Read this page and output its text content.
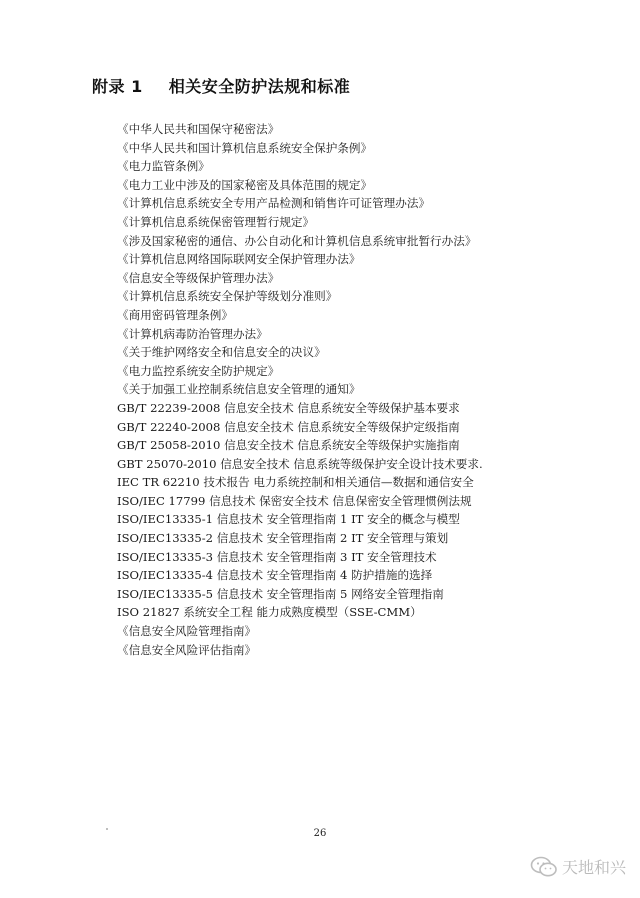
附录 1 相关安全防护法规和标准
《中华人民共和国保守秘密法》
《中华人民共和国计算机信息系统安全保护条例》
《电力监管条例》
《电力工业中涉及的国家秘密及具体范围的规定》
《计算机信息系统安全专用产品检测和销售许可证管理办法》
《计算机信息系统保密管理暂行规定》
《涉及国家秘密的通信、办公自动化和计算机信息系统审批暂行办法》
《计算机信息网络国际联网安全保护管理办法》
《信息安全等级保护管理办法》
《计算机信息系统安全保护等级划分准则》
《商用密码管理条例》
《计算机病毒防治管理办法》
《关于维护网络安全和信息安全的决议》
《电力监控系统安全防护规定》
《关于加强工业控制系统信息安全管理的通知》
GB/T 22239-2008 信息安全技术 信息系统安全等级保护基本要求
GB/T 22240-2008 信息安全技术 信息系统安全等级保护定级指南
GB/T 25058-2010 信息安全技术 信息系统安全等级保护实施指南
GBT 25070-2010 信息安全技术 信息系统等级保护安全设计技术要求.
IEC TR 62210 技术报告 电力系统控制和相关通信—数据和通信安全
ISO/IEC 17799 信息技术 保密安全技术 信息保密安全管理惯例法规
ISO/IEC13335-1 信息技术 安全管理指南 1 IT 安全的概念与模型
ISO/IEC13335-2 信息技术 安全管理指南 2 IT 安全管理与策划
ISO/IEC13335-3 信息技术 安全管理指南 3 IT 安全管理技术
ISO/IEC13335-4 信息技术 安全管理指南 4 防护措施的选择
ISO/IEC13335-5 信息技术 安全管理指南 5 网络安全管理指南
ISO 21827 系统安全工程 能力成熟度模型（SSE-CMM）
《信息安全风险管理指南》
《信息安全风险评估指南》
26
天地和兴
